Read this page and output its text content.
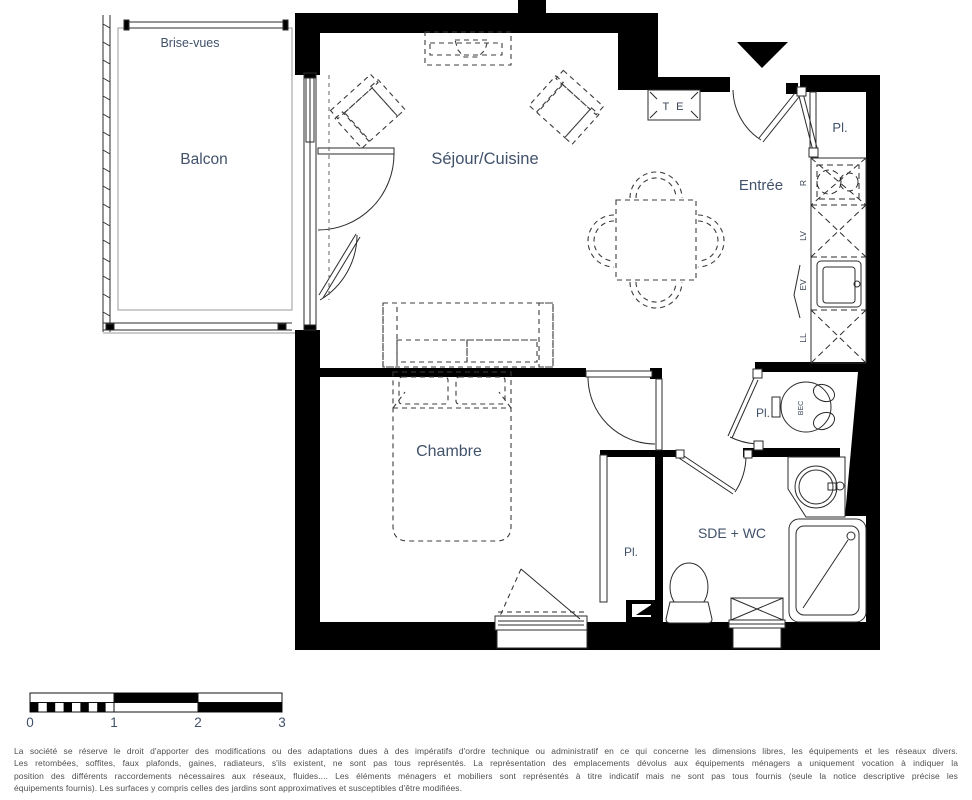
T E
R
LV
EV
LL
BEC
Brise-vues
Balcon	Séjour/Cuisine
Entrée
Chambre
SDE + WC
Pl.
Pl.
Pl.
0	1	2	3
La société se réserve le droit d'apporter des modifications ou des adaptations dues à des impératifs d'ordre technique ou administratif en ce qui concerne les dimensions libres, les équipements et les réseaux divers.
Les retombées, soffites, faux plafonds, gaines, radiateurs, s'ils existent, ne sont pas tous représentés. La représentation des emplacements dévolus aux équipements ménagers a uniquement vocation à indiquer la
position des différents raccordements nécessaires aux réseaux, fluides.... Les éléments ménagers et mobiliers sont représentés à titre indicatif mais ne sont pas tous fournis (seule la notice descriptive précise les
équipements fournis). Les surfaces y compris celles des jardins sont approximatives et susceptibles d'être modifiées.
